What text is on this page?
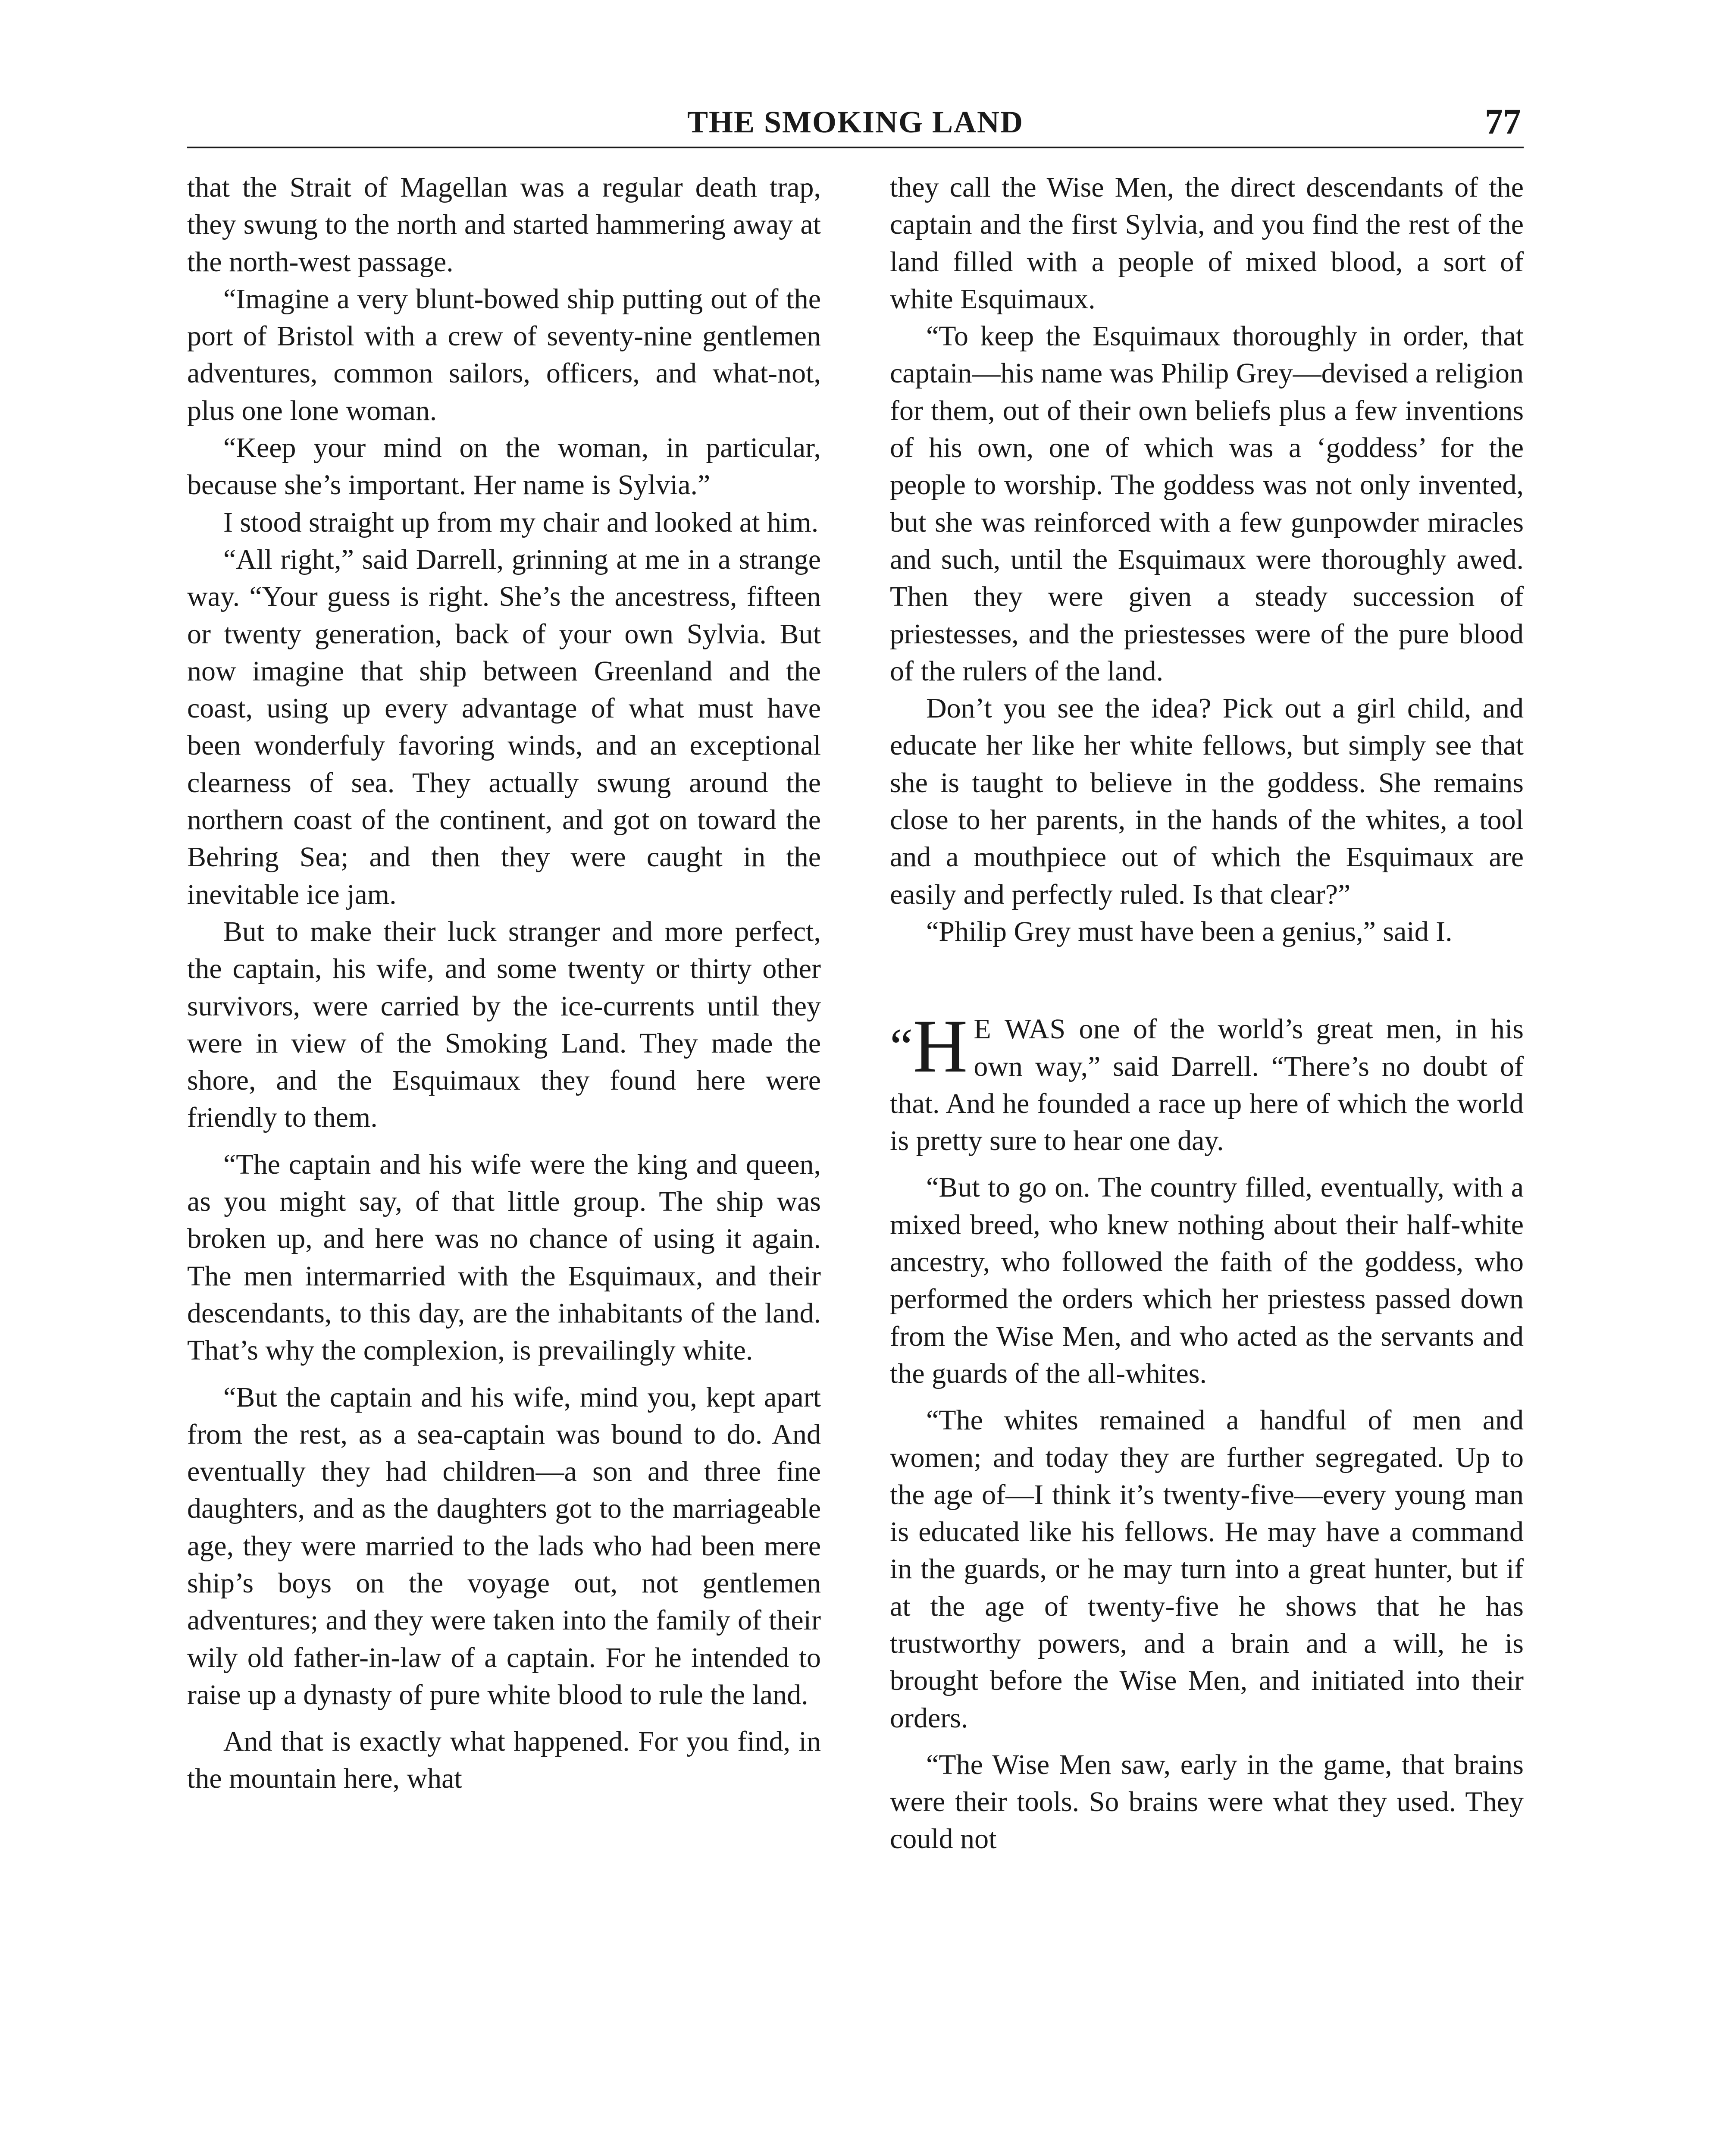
THE SMOKING LAND	77

that the Strait of Magellan was a regular death trap, they swung to the north and started hammering away at the north-west passage.

“Imagine a very blunt-bowed ship putting out of the port of Bristol with a crew of seventy-nine gentlemen adventures, common sailors, officers, and what-not, plus one lone woman.

“Keep your mind on the woman, in particular, because she’s important. Her name is Sylvia.”

I stood straight up from my chair and looked at him.

“All right,” said Darrell, grinning at me in a strange way. “Your guess is right. She’s the ancestress, fifteen or twenty generation, back of your own Sylvia. But now imagine that ship between Greenland and the coast, using up every advantage of what must have been wonderfuly favoring winds, and an exceptional clearness of sea. They actually swung around the northern coast of the continent, and got on toward the Behring Sea; and then they were caught in the inevitable ice jam.

But to make their luck stranger and more perfect, the captain, his wife, and some twenty or thirty other survivors, were carried by the ice-currents until they were in view of the Smoking Land. They made the shore, and the Esquimaux they found here were friendly to them.

“The captain and his wife were the king and queen, as you might say, of that little group. The ship was broken up, and here was no chance of using it again. The men intermarried with the Esquimaux, and their descendants, to this day, are the inhabitants of the land. That’s why the complexion, is prevailingly white.

“But the captain and his wife, mind you, kept apart from the rest, as a sea-captain was bound to do. And eventually they had children—a son and three fine daughters, and as the daughters got to the marriageable age, they were married to the lads who had been mere ship’s boys on the voyage out, not gentlemen adventures; and they were taken into the family of their wily old father-in-law of a captain. For he intended to raise up a dynasty of pure white blood to rule the land.

And that is exactly what happened. For you find, in the mountain here, what

they call the Wise Men, the direct descendants of the captain and the first Sylvia, and you find the rest of the land filled with a people of mixed blood, a sort of white Esquimaux.

“To keep the Esquimaux thoroughly in order, that captain—his name was Philip Grey—devised a religion for them, out of their own beliefs plus a few inventions of his own, one of which was a ‘goddess’ for the people to worship. The goddess was not only invented, but she was reinforced with a few gunpowder miracles and such, until the Esquimaux were thoroughly awed. Then they were given a steady succession of priestesses, and the priestesses were of the pure blood of the rulers of the land.

Don’t you see the idea? Pick out a girl child, and educate her like her white fellows, but simply see that she is taught to believe in the goddess. She remains close to her parents, in the hands of the whites, a tool and a mouthpiece out of which the Esquimaux are easily and perfectly ruled. Is that clear?”

“Philip Grey must have been a genius,” said I.

“H E WAS one of the world’s great men, in his own way,” said Darrell. “There’s no doubt of that. And he founded a race up here of which the world is pretty sure to hear one day.

“But to go on. The country filled, eventually, with a mixed breed, who knew nothing about their half-white ancestry, who followed the faith of the goddess, who performed the orders which her priestess passed down from the Wise Men, and who acted as the servants and the guards of the all-whites.

“The whites remained a handful of men and women; and today they are further segregated. Up to the age of—I think it’s twenty-five—every young man is educated like his fellows. He may have a command in the guards, or he may turn into a great hunter, but if at the age of twenty-five he shows that he has trustworthy powers, and a brain and a will, he is brought before the Wise Men, and initiated into their orders.

“The Wise Men saw, early in the game, that brains were their tools. So brains were what they used. They could not
